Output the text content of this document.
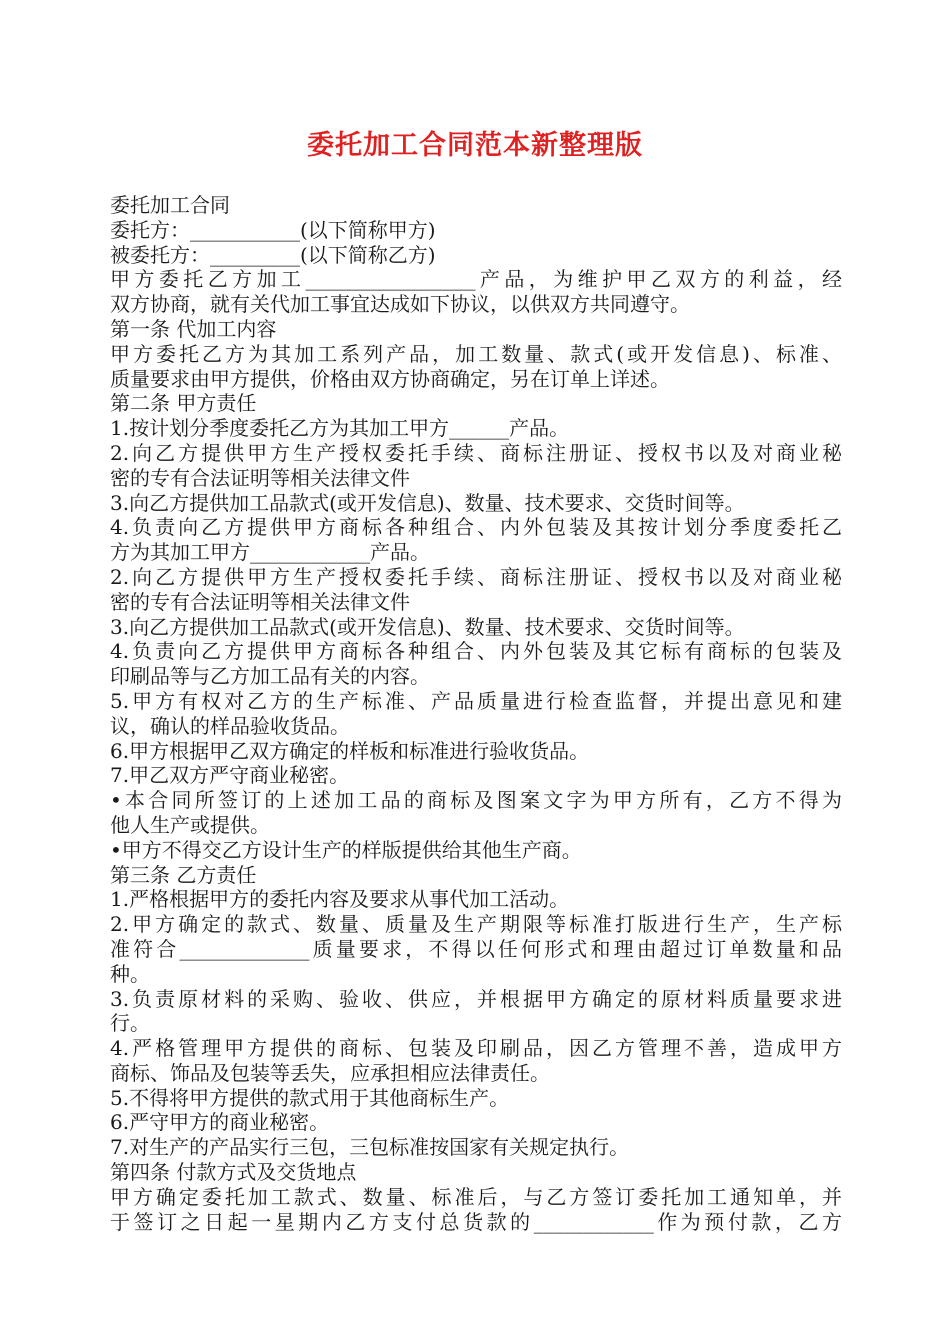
委托加工合同范本新整理版
委托加工合同
委托方：___________(以下简称甲方)
被委托方：_________(以下简称乙方)
甲方委托乙方加工_________________产品，为维护甲乙双方的利益，经
双方协商，就有关代加工事宜达成如下协议，以供双方共同遵守。
第一条 代加工内容
甲方委托乙方为其加工系列产品，加工数量、款式(或开发信息)、标准、
质量要求由甲方提供，价格由双方协商确定，另在订单上详述。
第二条 甲方责任
1.按计划分季度委托乙方为其加工甲方______产品。
2.向乙方提供甲方生产授权委托手续、商标注册证、授权书以及对商业秘
密的专有合法证明等相关法律文件
3.向乙方提供加工品款式(或开发信息)、数量、技术要求、交货时间等。
4.负责向乙方提供甲方商标各种组合、内外包装及其按计划分季度委托乙
方为其加工甲方____________产品。
2.向乙方提供甲方生产授权委托手续、商标注册证、授权书以及对商业秘
密的专有合法证明等相关法律文件
3.向乙方提供加工品款式(或开发信息)、数量、技术要求、交货时间等。
4.负责向乙方提供甲方商标各种组合、内外包装及其它标有商标的包装及
印刷品等与乙方加工品有关的内容。
5.甲方有权对乙方的生产标准、产品质量进行检查监督，并提出意见和建
议，确认的样品验收货品。
6.甲方根据甲乙双方确定的样板和标准进行验收货品。
7.甲乙双方严守商业秘密。
•本合同所签订的上述加工品的商标及图案文字为甲方所有，乙方不得为
他人生产或提供。
•甲方不得交乙方设计生产的样版提供给其他生产商。
第三条 乙方责任
1.严格根据甲方的委托内容及要求从事代加工活动。
2.甲方确定的款式、数量、质量及生产期限等标准打版进行生产，生产标
准符合_____________质量要求，不得以任何形式和理由超过订单数量和品
种。
3.负责原材料的采购、验收、供应，并根据甲方确定的原材料质量要求进
行。
4.严格管理甲方提供的商标、包装及印刷品，因乙方管理不善，造成甲方
商标、饰品及包装等丢失，应承担相应法律责任。
5.不得将甲方提供的款式用于其他商标生产。
6.严守甲方的商业秘密。
7.对生产的产品实行三包，三包标准按国家有关规定执行。
第四条 付款方式及交货地点
甲方确定委托加工款式、数量、标准后，与乙方签订委托加工通知单，并
于签订之日起一星期内乙方支付总货款的____________作为预付款，乙方
